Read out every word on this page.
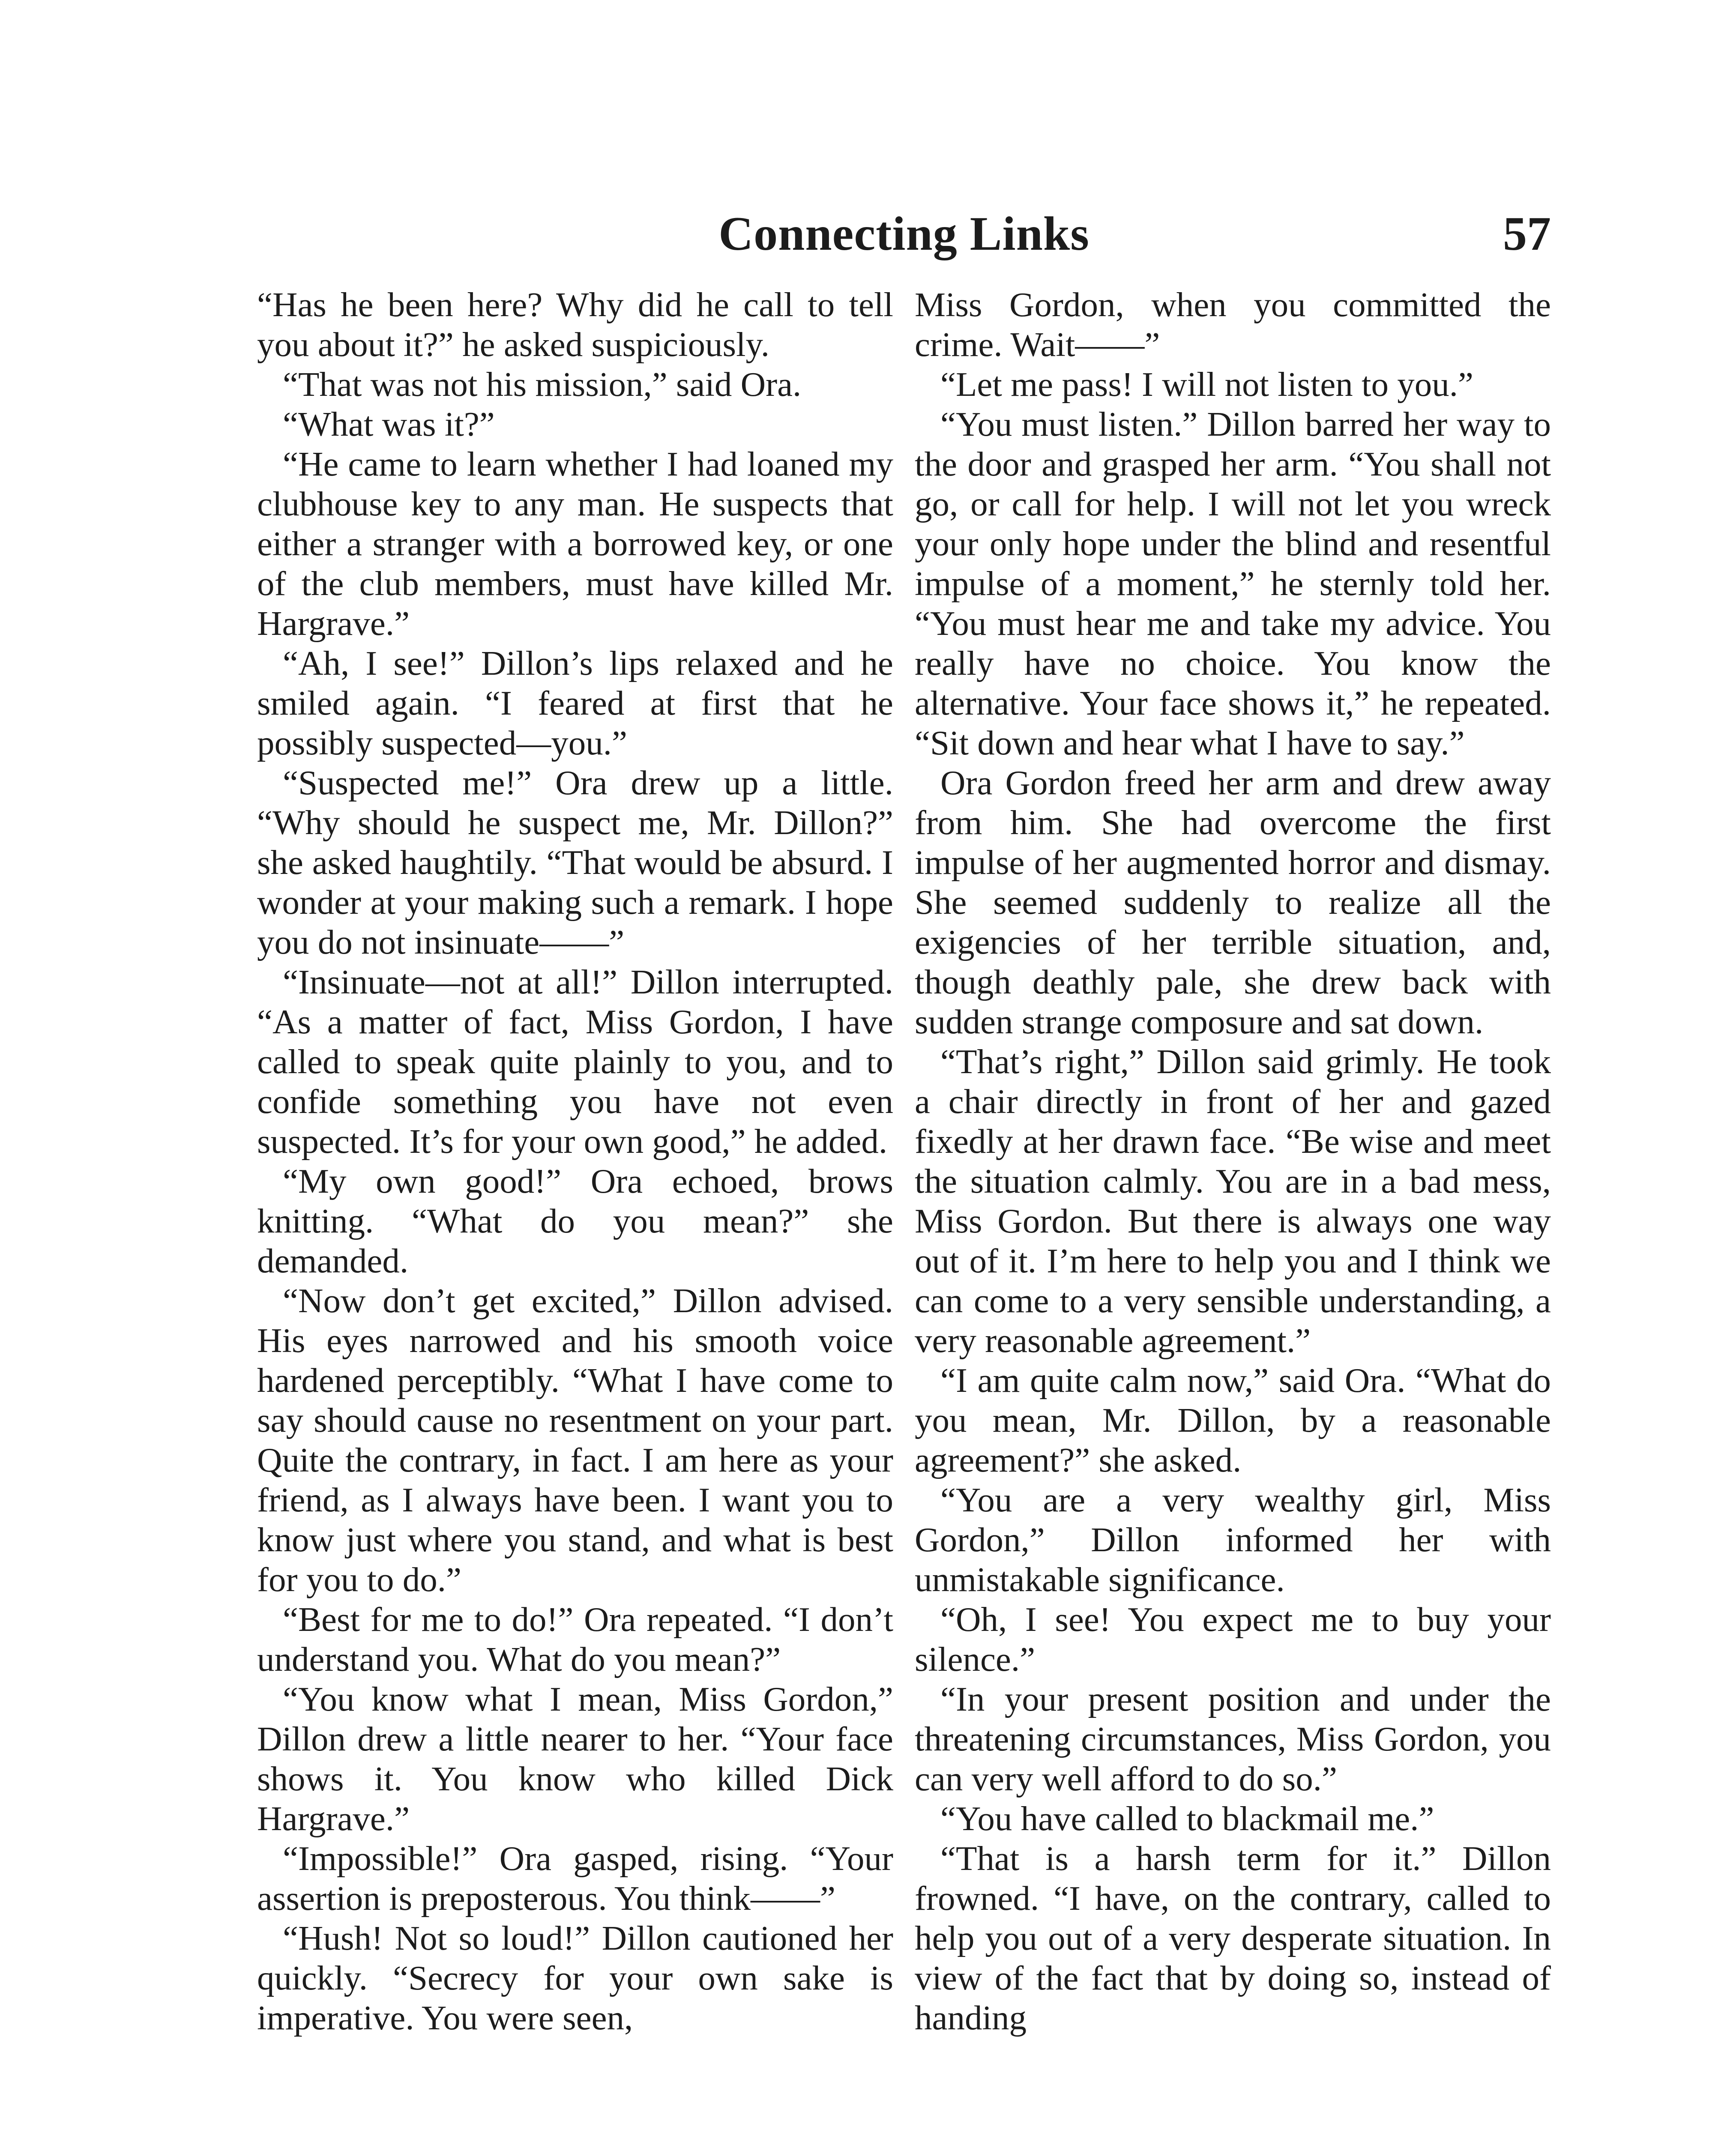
Connecting Links	57

“Has he been here? Why did he call to tell you about it?” he asked suspiciously.

“That was not his mission,” said Ora.

“What was it?”

“He came to learn whether I had loaned my clubhouse key to any man. He suspects that either a stranger with a borrowed key, or one of the club members, must have killed Mr. Hargrave.”

“Ah, I see!” Dillon’s lips relaxed and he smiled again. “I feared at first that he possibly suspected—you.”

“Suspected me!” Ora drew up a little. “Why should he suspect me, Mr. Dillon?” she asked haughtily. “That would be absurd. I wonder at your making such a remark. I hope you do not insinuate——”

“Insinuate—not at all!” Dillon interrupted. “As a matter of fact, Miss Gordon, I have called to speak quite plainly to you, and to confide something you have not even suspected. It’s for your own good,” he added.

“My own good!” Ora echoed, brows knitting. “What do you mean?” she demanded.

“Now don’t get excited,” Dillon advised. His eyes narrowed and his smooth voice hardened perceptibly. “What I have come to say should cause no resentment on your part. Quite the contrary, in fact. I am here as your friend, as I always have been. I want you to know just where you stand, and what is best for you to do.”

“Best for me to do!” Ora repeated. “I don’t understand you. What do you mean?”

“You know what I mean, Miss Gordon,” Dillon drew a little nearer to her. “Your face shows it. You know who killed Dick Hargrave.”

“Impossible!” Ora gasped, rising. “Your assertion is preposterous. You think——”

“Hush! Not so loud!” Dillon cautioned her quickly. “Secrecy for your own sake is imperative. You were seen,

Miss Gordon, when you committed the crime. Wait——”

“Let me pass! I will not listen to you.”

“You must listen.” Dillon barred her way to the door and grasped her arm. “You shall not go, or call for help. I will not let you wreck your only hope under the blind and resentful impulse of a moment,” he sternly told her. “You must hear me and take my advice. You really have no choice. You know the alternative. Your face shows it,” he repeated. “Sit down and hear what I have to say.”

Ora Gordon freed her arm and drew away from him. She had overcome the first impulse of her augmented horror and dismay. She seemed suddenly to realize all the exigencies of her terrible situation, and, though deathly pale, she drew back with sudden strange composure and sat down.

“That’s right,” Dillon said grimly. He took a chair directly in front of her and gazed fixedly at her drawn face. “Be wise and meet the situation calmly. You are in a bad mess, Miss Gordon. But there is always one way out of it. I’m here to help you and I think we can come to a very sensible understanding, a very reasonable agreement.”

“I am quite calm now,” said Ora. “What do you mean, Mr. Dillon, by a reasonable agreement?” she asked.

“You are a very wealthy girl, Miss Gordon,” Dillon informed her with unmistakable significance.

“Oh, I see! You expect me to buy your silence.”

“In your present position and under the threatening circumstances, Miss Gordon, you can very well afford to do so.”

“You have called to blackmail me.”

“That is a harsh term for it.” Dillon frowned. “I have, on the contrary, called to help you out of a very desperate situation. In view of the fact that by doing so, instead of handing
